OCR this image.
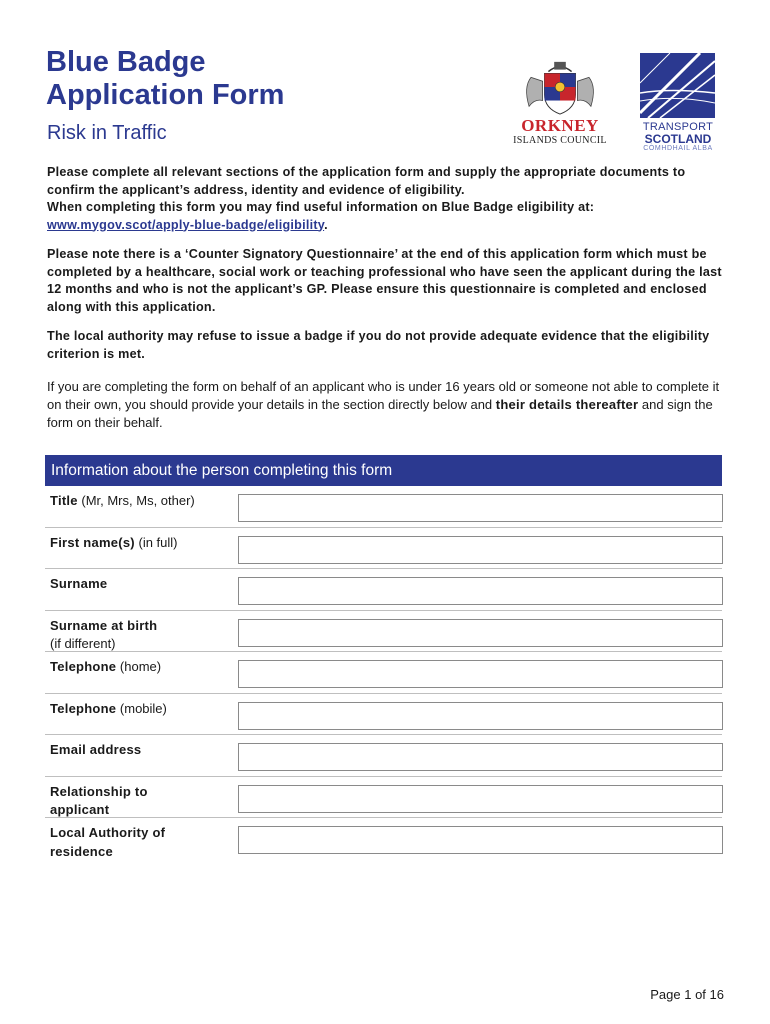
Blue Badge
Application Form
Risk in Traffic	ORKNEY
ISLANDS COUNCIL
TRANSPORT
SCOTLAND
CÒMHDHAIL ALBA

Please complete all relevant sections of the application form and supply the appropriate documents to confirm the applicant’s address, identity and evidence of eligibility.
When completing this form you may find useful information on Blue Badge eligibility at:
www.mygov.scot/apply-blue-badge/eligibility.

Please note there is a ‘Counter Signatory Questionnaire’ at the end of this application form which must be completed by a healthcare, social work or teaching professional who have seen the applicant during the last 12 months and who is not the applicant’s GP. Please ensure this questionnaire is completed and enclosed along with this application.

The local authority may refuse to issue a badge if you do not provide adequate evidence that the eligibility criterion is met.

If you are completing the form on behalf of an applicant who is under 16 years old or someone not able to complete it on their own, you should provide your details in the section directly below and their details thereafter and sign the form on their behalf.

Information about the person completing this form
Title (Mr, Mrs, Ms, other)
First name(s) (in full)
Surname
Surname at birth
(if different)
Telephone (home)
Telephone (mobile)
Email address
Relationship to applicant
Local Authority of residence
Page 1 of 16
